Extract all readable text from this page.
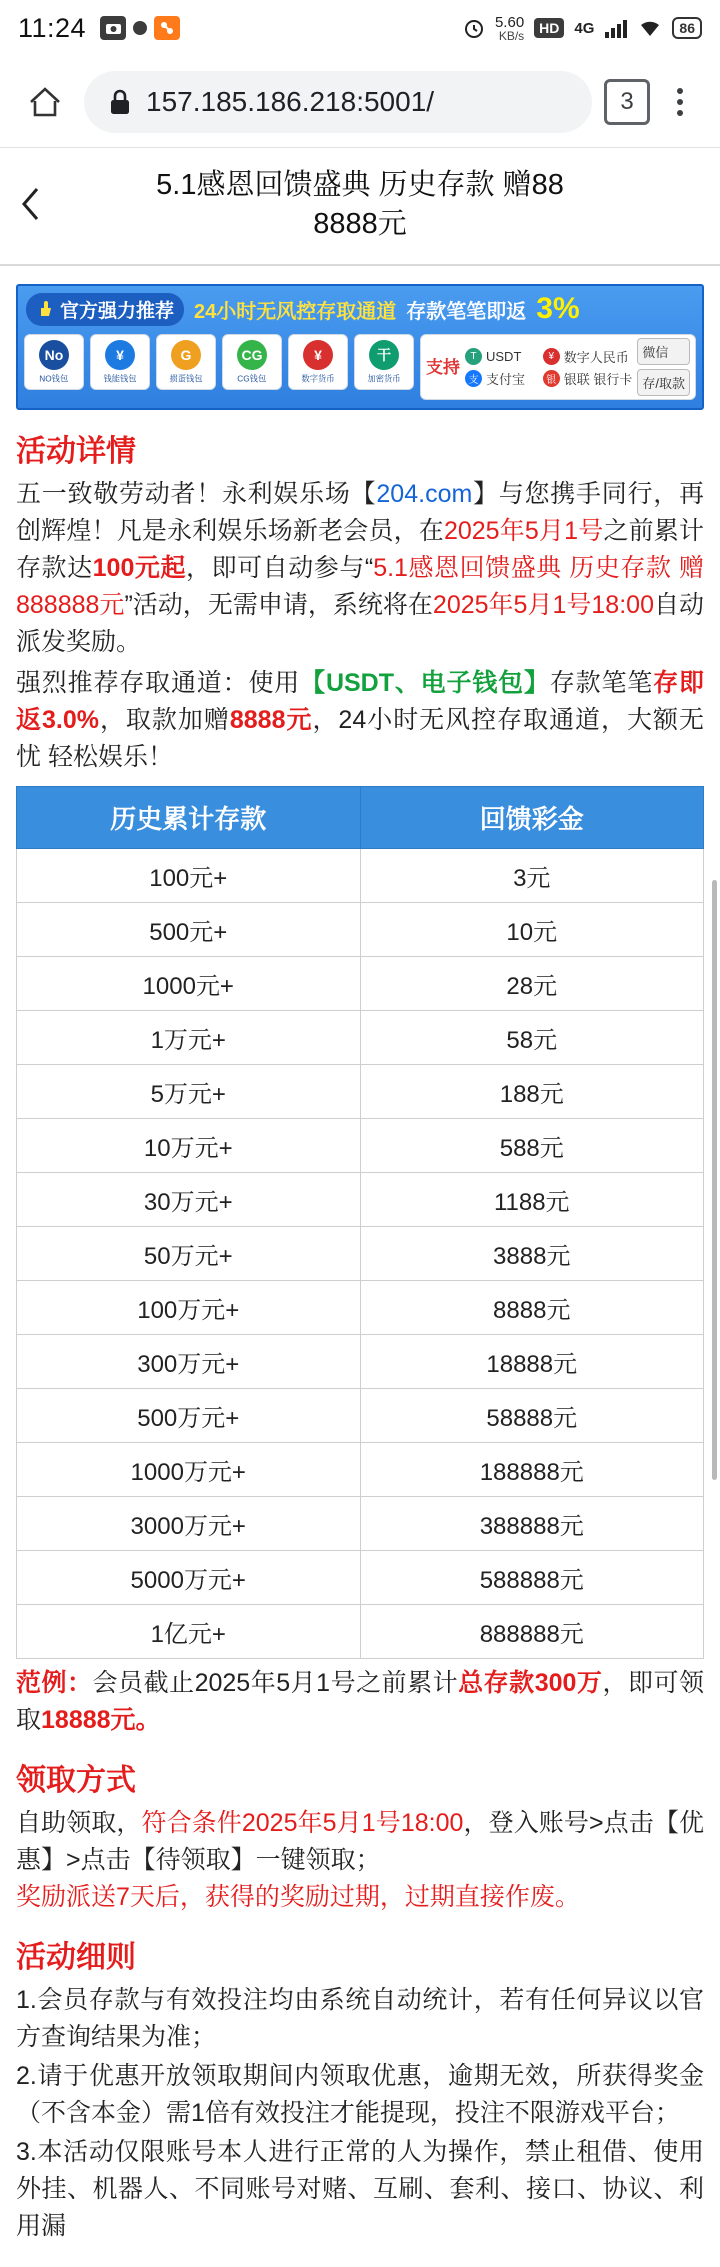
11:24	5.60
KB/s	HD	4G	86
157.185.186.218:5001/	3
5.1感恩回馈盛典 历史存款 赠88
8888元
官方强力推荐 24小时无风控存取通道 存款笔笔即返 3%
No
NO钱包
¥
钱能钱包
G
掼蛋钱包
CG
CG钱包
¥
数字货币
干
加密货币
支持
T USDT	¥ 数字人民币
支 支付宝	银 银联 银行卡
微信
存/取款
活动详情

五一致敬劳动者！永利娱乐场【204.com】与您携手同行，再创辉煌！凡是永利娱乐场新老会员，在2025年5月1号之前累计存款达100元起，即可自动参与“5.1感恩回馈盛典 历史存款 赠888888元”活动，无需申请，系统将在2025年5月1号18:00自动派发奖励。

强烈推荐存取通道：使用【USDT、电子钱包】存款笔笔存即返3.0%，取款加赠8888元，24小时无风控存取通道，大额无忧 轻松娱乐！

历史累计存款	回馈彩金
100元+	3元
500元+	10元
1000元+	28元
1万元+	58元
5万元+	188元
10万元+	588元
30万元+	1188元
50万元+	3888元
100万元+	8888元
300万元+	18888元
500万元+	58888元
1000万元+	188888元
3000万元+	388888元
5000万元+	588888元
1亿元+	888888元

范例：会员截止2025年5月1号之前累计总存款300万，即可领取18888元。

领取方式

自助领取，符合条件2025年5月1号18:00，登入账号>点击【优惠】>点击【待领取】一键领取；
奖励派送7天后，获得的奖励过期，过期直接作废。

活动细则
1.会员存款与有效投注均由系统自动统计，若有任何异议以官方查询结果为准；
2.请于优惠开放领取期间内领取优惠，逾期无效，所获得奖金（不含本金）需1倍有效投注才能提现，投注不限游戏平台；
3.本活动仅限账号本人进行正常的人为操作，禁止租借、使用外挂、机器人、不同账号对赌、互刷、套利、接口、协议、利用漏
